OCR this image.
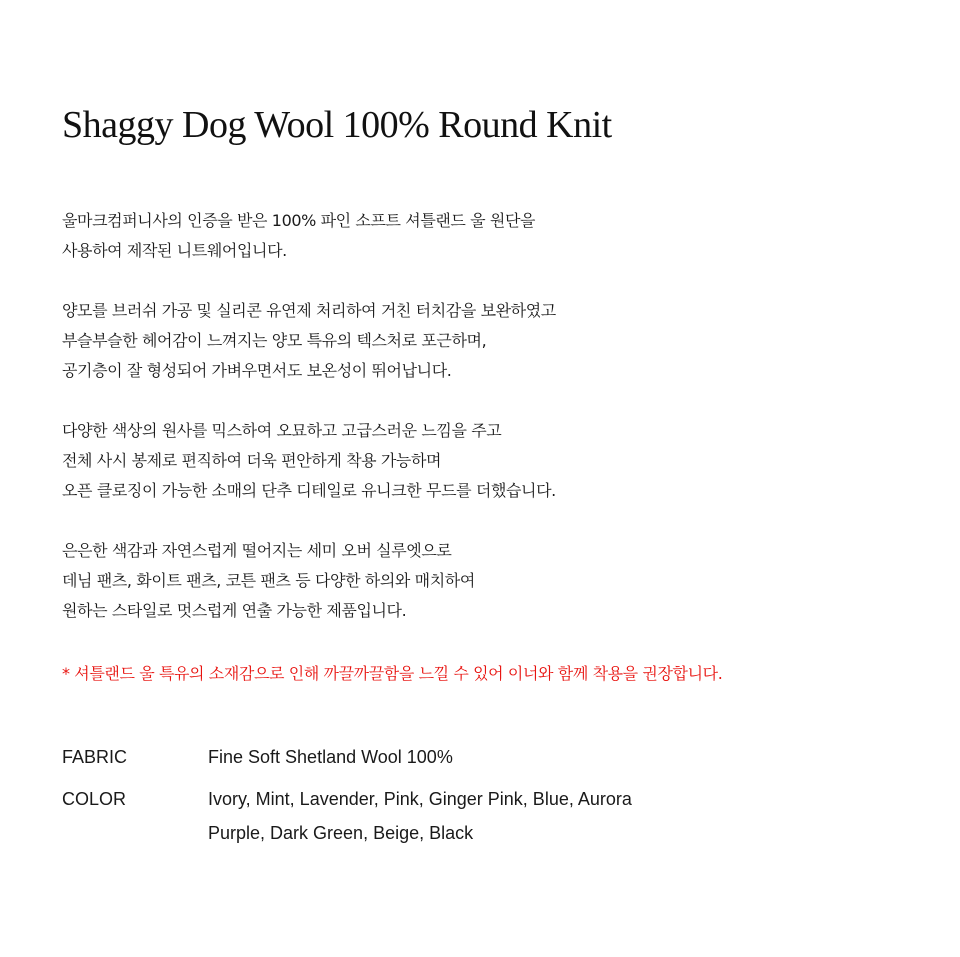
Shaggy Dog Wool 100% Round Knit

울마크컴퍼니사의 인증을 받은 100% 파인 소프트 셔틀랜드 울 원단을
사용하여 제작된 니트웨어입니다.

양모를 브러쉬 가공 및 실리콘 유연제 처리하여 거친 터치감을 보완하였고
부슬부슬한 헤어감이 느껴지는 양모 특유의 텍스처로 포근하며,
공기층이 잘 형성되어 가벼우면서도 보온성이 뛰어납니다.

다양한 색상의 원사를 믹스하여 오묘하고 고급스러운 느낌을 주고
전체 사시 봉제로 편직하여 더욱 편안하게 착용 가능하며
오픈 클로징이 가능한 소매의 단추 디테일로 유니크한 무드를 더했습니다.

은은한 색감과 자연스럽게 떨어지는 세미 오버 실루엣으로
데님 팬츠, 화이트 팬츠, 코튼 팬츠 등 다양한 하의와 매치하여
원하는 스타일로 멋스럽게 연출 가능한 제품입니다.

* 셔틀랜드 울 특유의 소재감으로 인해 까끌까끌함을 느낄 수 있어 이너와 함께 착용을 권장합니다.
FABRIC	Fine Soft Shetland Wool 100%
COLOR	Ivory, Mint, Lavender, Pink, Ginger Pink, Blue, Aurora
Purple, Dark Green, Beige, Black
